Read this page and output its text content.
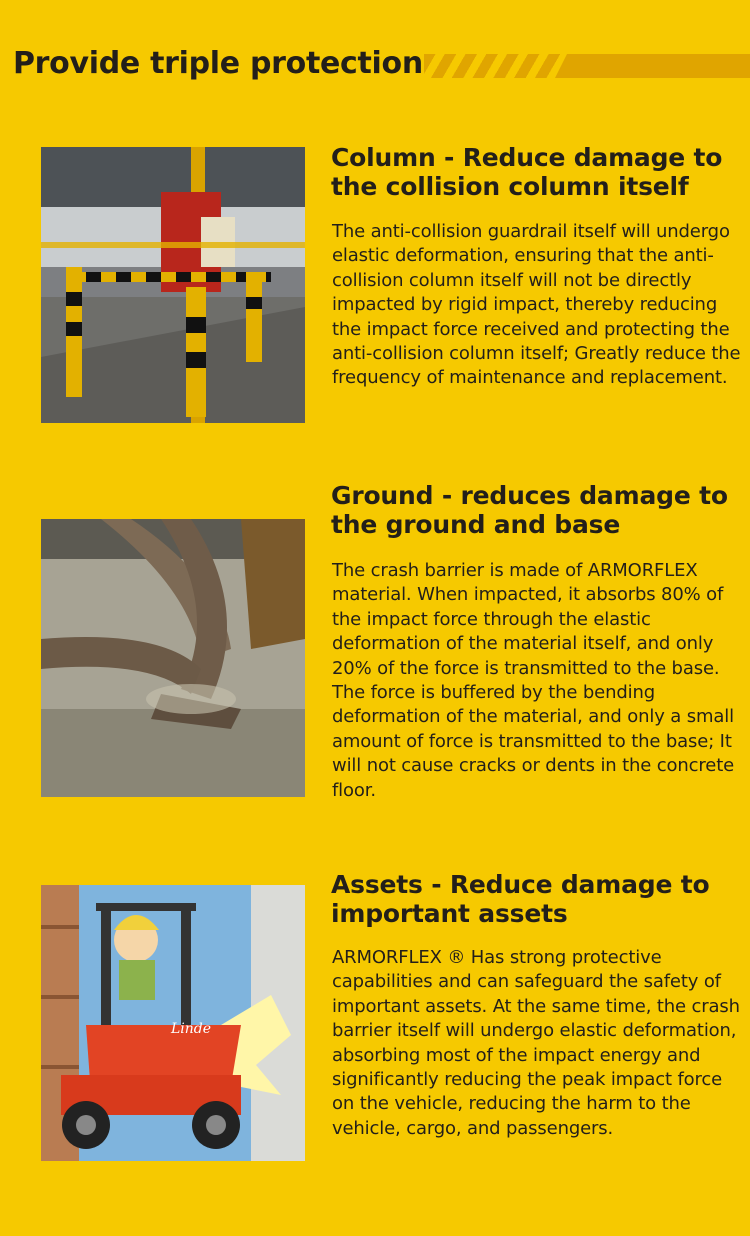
Provide triple protection
Column - Reduce damage to the collision column itself

The anti-collision guardrail itself will undergo elastic deformation, ensuring that the anti-collision column itself will not be directly impacted by rigid impact, thereby reducing the impact force received and protecting the anti-collision column itself; Greatly reduce the frequency of maintenance and replacement.

Ground - reduces damage to the ground and base

The crash barrier is made of ARMORFLEX material. When impacted, it absorbs 80% of the impact force through the elastic deformation of the material itself, and only 20% of the force is transmitted to the base. The force is buffered by the bending deformation of the material, and only a small amount of force is transmitted to the base; It will not cause cracks or dents in the concrete floor.

Linde
Assets - Reduce damage to important assets

ARMORFLEX ® Has strong protective capabilities and can safeguard the safety of important assets. At the same time, the crash barrier itself will undergo elastic deformation, absorbing most of the impact energy and significantly reducing the peak impact force on the vehicle, reducing the harm to the vehicle, cargo, and passengers.
